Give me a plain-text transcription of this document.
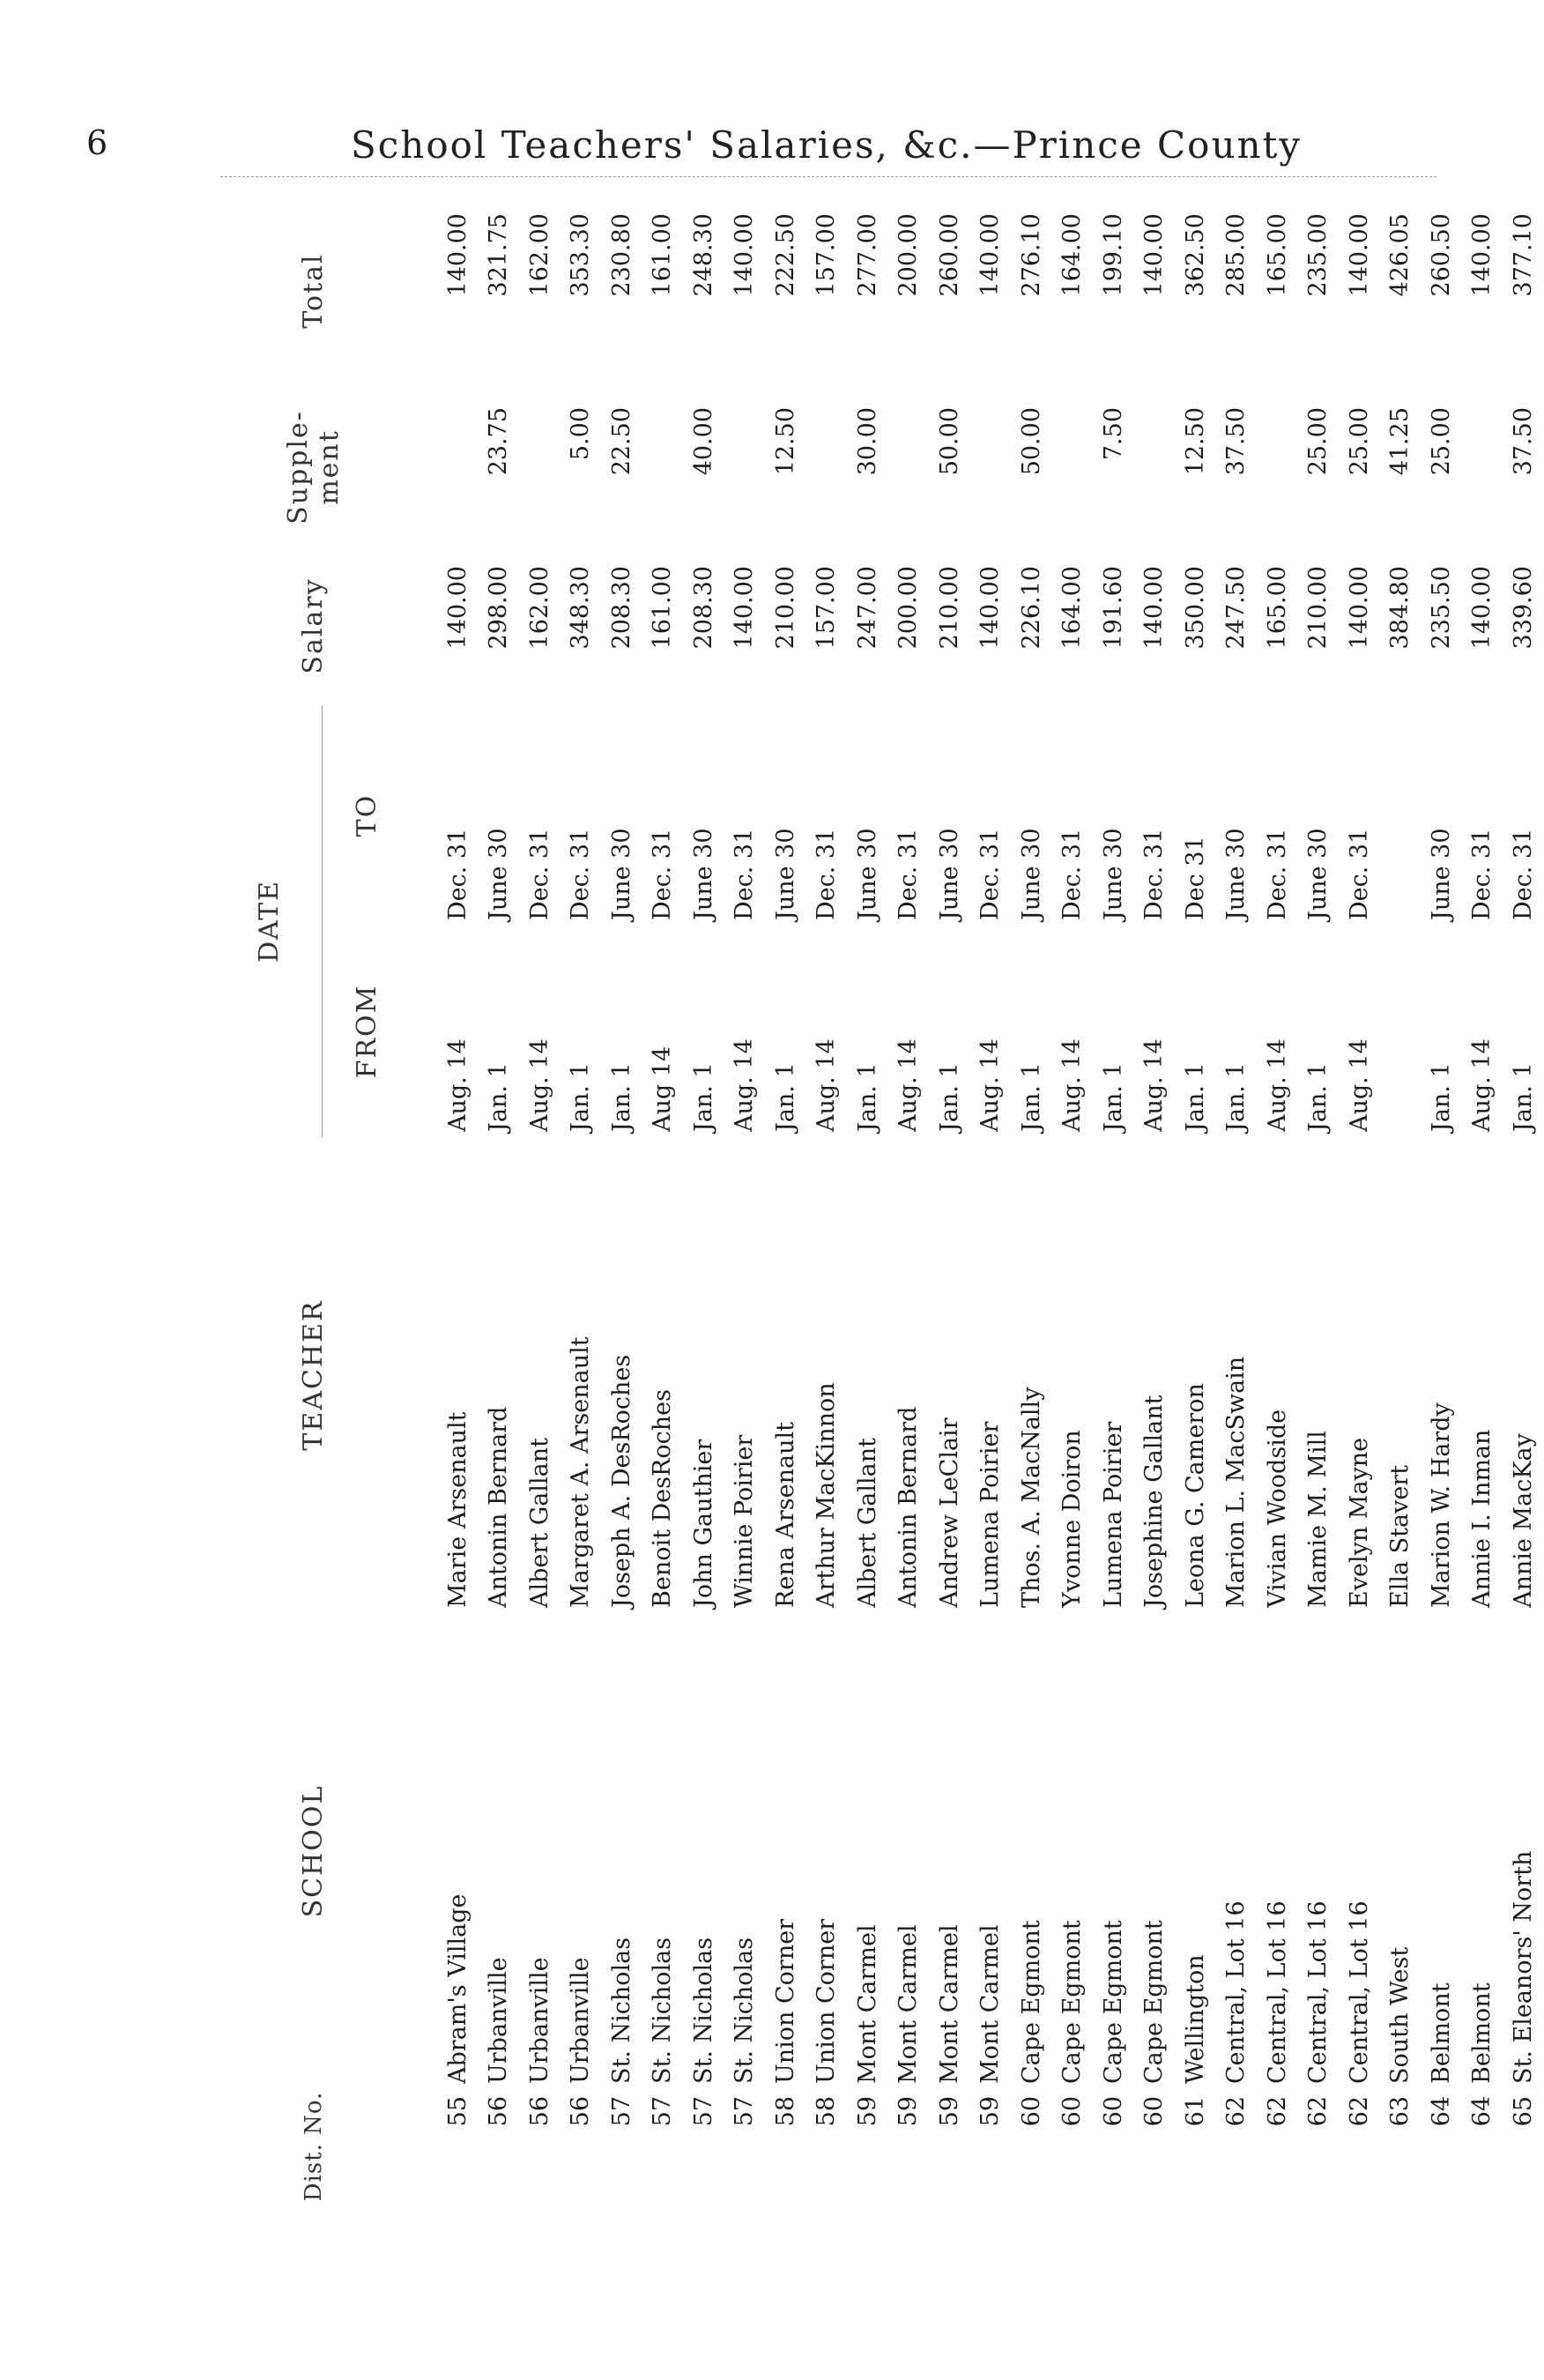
6	School Teachers' Salaries, &c.—Prince County
Dist. No.	SCHOOL	TEACHER	DATE		Salary	Supple- ment	Total
			FROM	TO			

55	Abram's Village	Marie Arsenault	Aug. 14	Dec. 31	140.00		140.00
56	Urbanville	Antonin Bernard	Jan. 1	June 30	298.00	23.75	321.75
56	Urbanville	Albert Gallant	Aug. 14	Dec. 31	162.00		162.00
56	Urbanville	Margaret A. Arsenault	Jan. 1	Dec. 31	348.30	5.00	353.30
57	St. Nicholas	Joseph A. DesRoches	Jan. 1	June 30	208.30	22.50	230.80
57	St. Nicholas	Benoit DesRoches	Aug 14	Dec. 31	161.00		161.00
57	St. Nicholas	John Gauthier	Jan. 1	June 30	208.30	40.00	248.30
57	St. Nicholas	Winnie Poirier	Aug. 14	Dec. 31	140.00		140.00
58	Union Corner	Rena Arsenault	Jan. 1	June 30	210.00	12.50	222.50
58	Union Corner	Arthur MacKinnon	Aug. 14	Dec. 31	157.00		157.00
59	Mont Carmel	Albert Gallant	Jan. 1	June 30	247.00	30.00	277.00
59	Mont Carmel	Antonin Bernard	Aug. 14	Dec. 31	200.00		200.00
59	Mont Carmel	Andrew LeClair	Jan. 1	June 30	210.00	50.00	260.00
59	Mont Carmel	Lumena Poirier	Aug. 14	Dec. 31	140.00		140.00
60	Cape Egmont	Thos. A. MacNally	Jan. 1	June 30	226.10	50.00	276.10
60	Cape Egmont	Yvonne Doiron	Aug. 14	Dec. 31	164.00		164.00
60	Cape Egmont	Lumena Poirier	Jan. 1	June 30	191.60	7.50	199.10
60	Cape Egmont	Josephine Gallant	Aug. 14	Dec. 31	140.00		140.00
61	Wellington	Leona G. Cameron	Jan. 1	Dec 31	350.00	12.50	362.50
62	Central, Lot 16	Marion L. MacSwain	Jan. 1	June 30	247.50	37.50	285.00
62	Central, Lot 16	Vivian Woodside	Aug. 14	Dec. 31	165.00		165.00
62	Central, Lot 16	Mamie M. Mill	Jan. 1	June 30	210.00	25.00	235.00
62	Central, Lot 16	Evelyn Mayne	Aug. 14	Dec. 31	140.00	25.00	140.00
63	South West	Ella Stavert			384.80	41.25	426.05
64	Belmont	Marion W. Hardy	Jan. 1	June 30	235.50	25.00	260.50
64	Belmont	Annie I. Inman	Aug. 14	Dec. 31	140.00		140.00
65	St. Eleanors' North	Annie MacKay	Jan. 1	Dec. 31	339.60	37.50	377.10
